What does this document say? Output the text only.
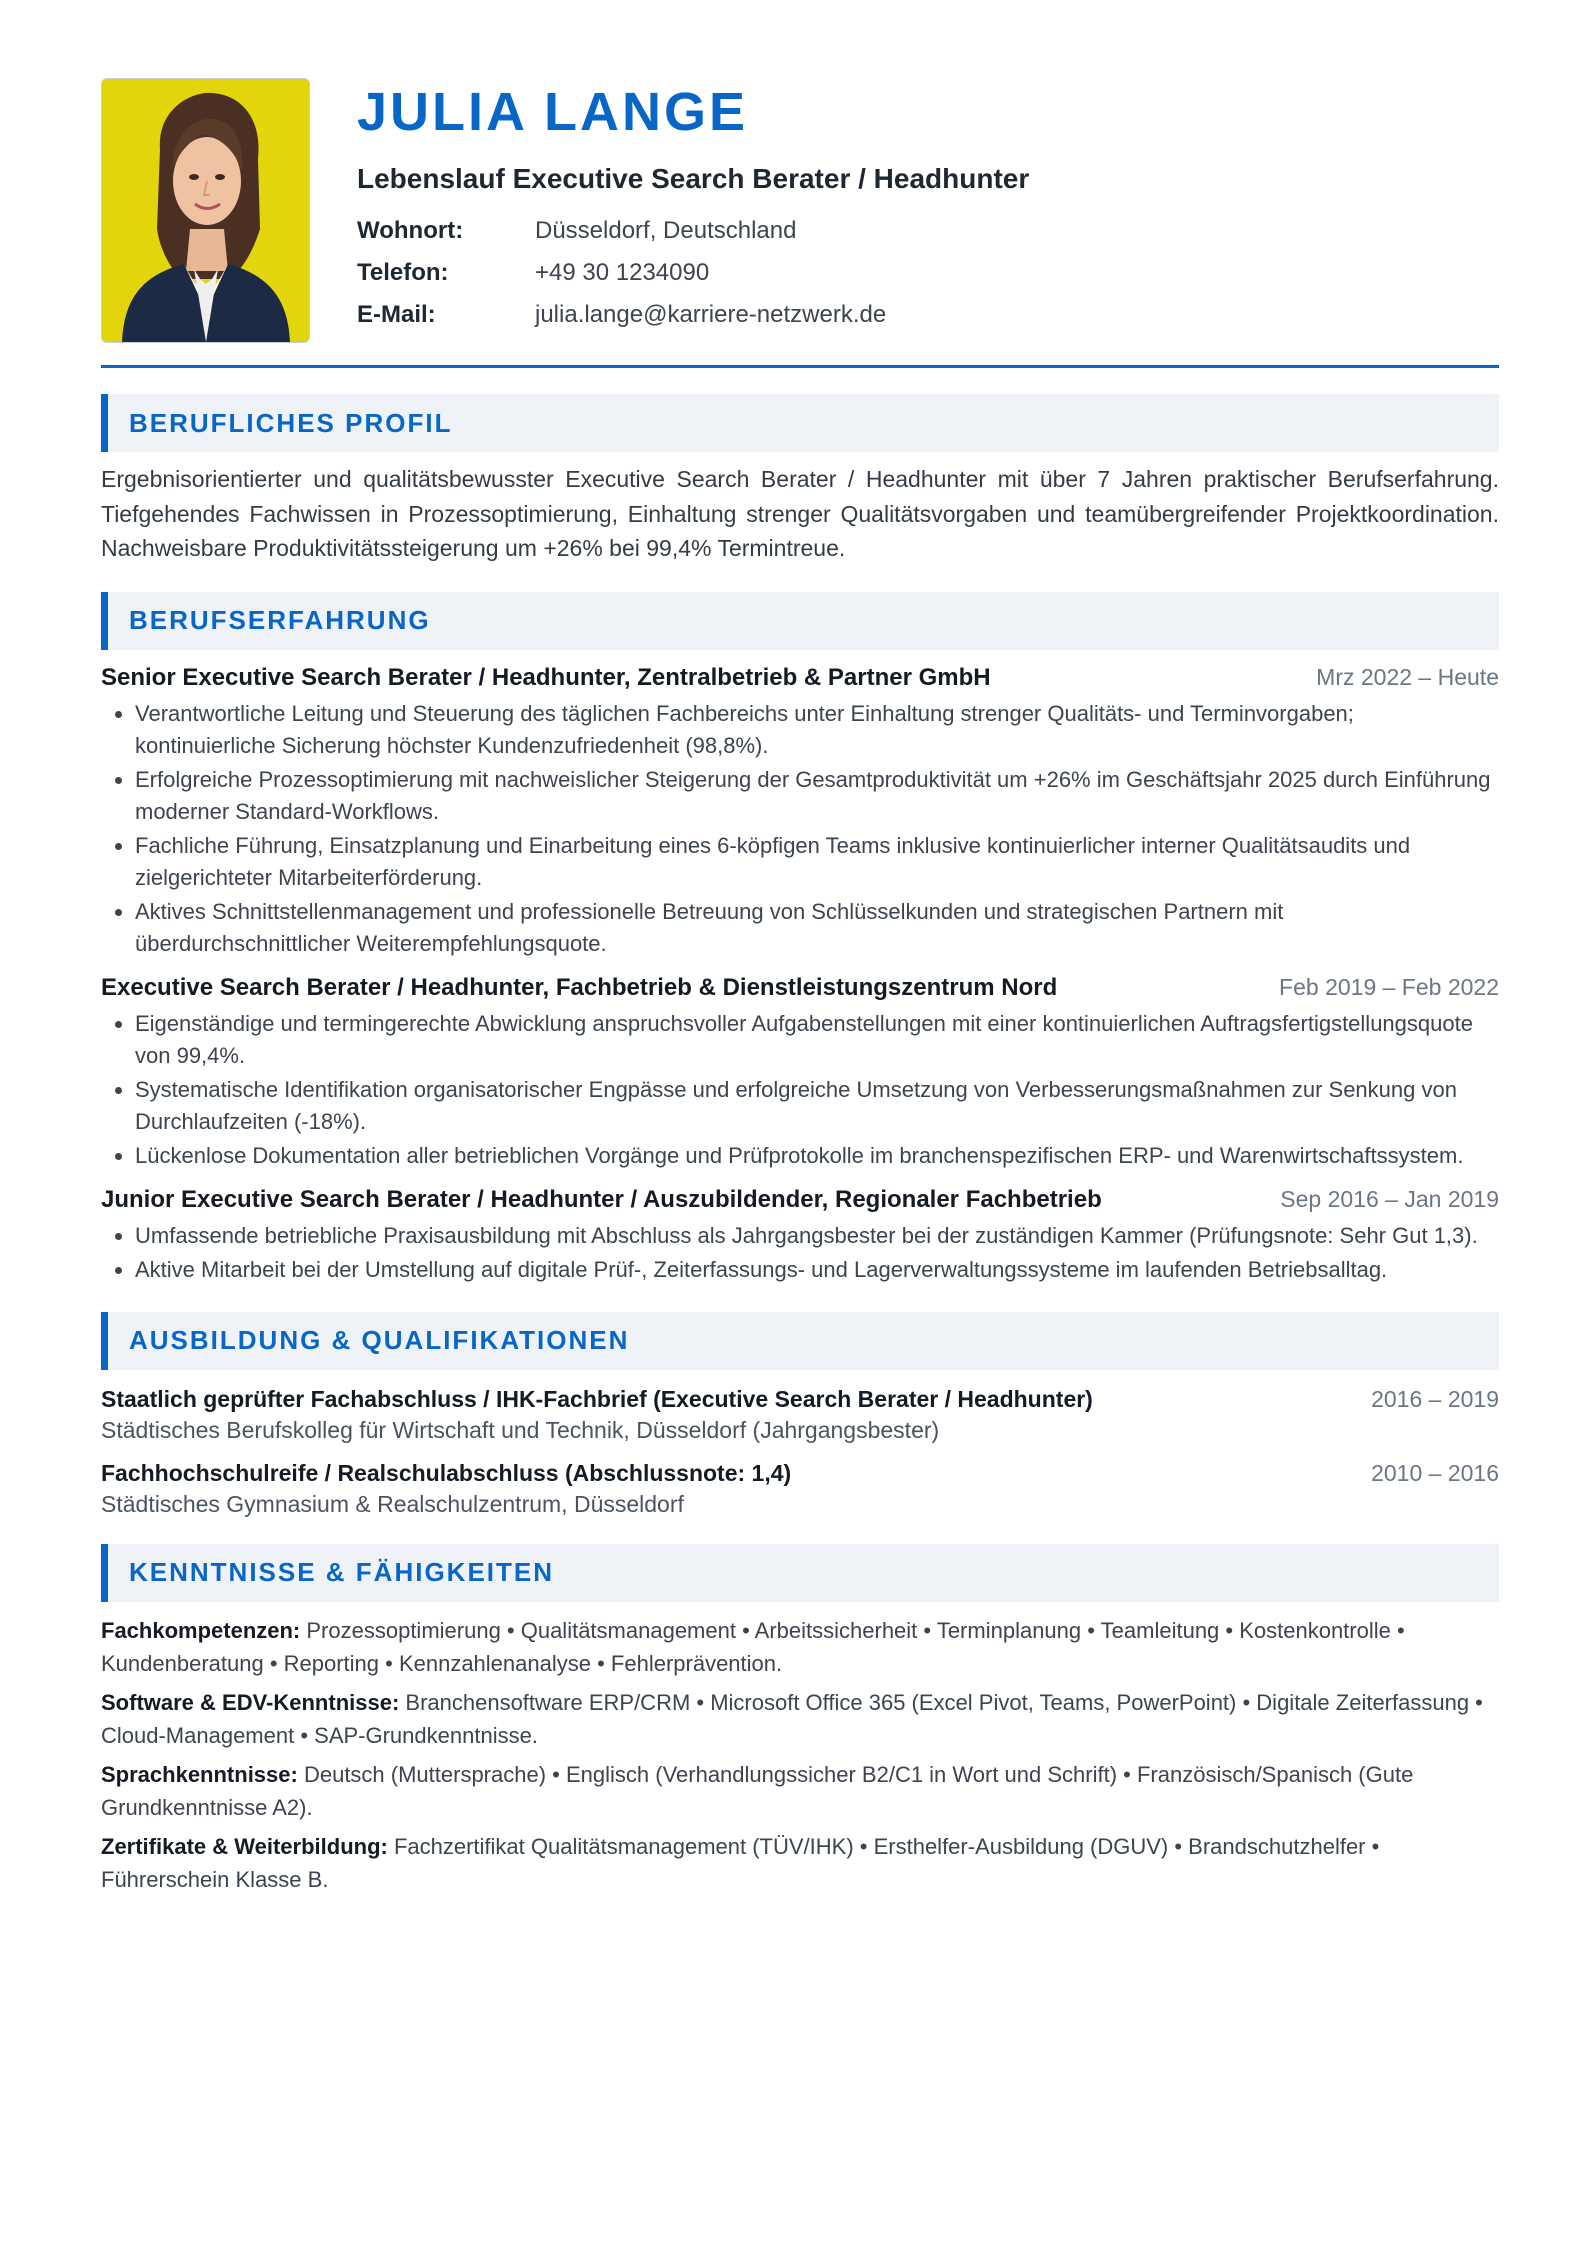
JULIA LANGE
Lebenslauf Executive Search Berater / Headhunter
Wohnort:	Düsseldorf, Deutschland
Telefon:	+49 30 1234090
E-Mail:	julia.lange@karriere-netzwerk.de
BERUFLICHES PROFIL
Ergebnisorientierter und qualitätsbewusster Executive Search Berater / Headhunter mit über 7 Jahren praktischer Berufserfahrung. Tiefgehendes Fachwissen in Prozessoptimierung, Einhaltung strenger Qualitätsvorgaben und teamübergreifender Projektkoordination. Nachweisbare Produktivitätssteigerung um +26% bei 99,4% Termintreue.
BERUFSERFAHRUNG
Senior Executive Search Berater / Headhunter, Zentralbetrieb & Partner GmbH	Mrz 2022 – Heute
• Verantwortliche Leitung und Steuerung des täglichen Fachbereichs unter Einhaltung strenger Qualitäts- und Terminvorgaben; kontinuierliche Sicherung höchster Kundenzufriedenheit (98,8%).
• Erfolgreiche Prozessoptimierung mit nachweislicher Steigerung der Gesamtproduktivität um +26% im Geschäftsjahr 2025 durch Einführung moderner Standard-Workflows.
• Fachliche Führung, Einsatzplanung und Einarbeitung eines 6-köpfigen Teams inklusive kontinuierlicher interner Qualitätsaudits und zielgerichteter Mitarbeiterförderung.
• Aktives Schnittstellenmanagement und professionelle Betreuung von Schlüsselkunden und strategischen Partnern mit überdurchschnittlicher Weiterempfehlungsquote.
Executive Search Berater / Headhunter, Fachbetrieb & Dienstleistungszentrum Nord	Feb 2019 – Feb 2022
• Eigenständige und termingerechte Abwicklung anspruchsvoller Aufgabenstellungen mit einer kontinuierlichen Auftragsfertigstellungsquote von 99,4%.
• Systematische Identifikation organisatorischer Engpässe und erfolgreiche Umsetzung von Verbesserungsmaßnahmen zur Senkung von Durchlaufzeiten (-18%).
• Lückenlose Dokumentation aller betrieblichen Vorgänge und Prüfprotokolle im branchenspezifischen ERP- und Warenwirtschaftssystem.
Junior Executive Search Berater / Headhunter / Auszubildender, Regionaler Fachbetrieb	Sep 2016 – Jan 2019
• Umfassende betriebliche Praxisausbildung mit Abschluss als Jahrgangsbester bei der zuständigen Kammer (Prüfungsnote: Sehr Gut 1,3).
• Aktive Mitarbeit bei der Umstellung auf digitale Prüf-, Zeiterfassungs- und Lagerverwaltungssysteme im laufenden Betriebsalltag.
AUSBILDUNG & QUALIFIKATIONEN
Staatlich geprüfter Fachabschluss / IHK-Fachbrief (Executive Search Berater / Headhunter)	2016 – 2019
Städtisches Berufskolleg für Wirtschaft und Technik, Düsseldorf (Jahrgangsbester)
Fachhochschulreife / Realschulabschluss (Abschlussnote: 1,4)	2010 – 2016
Städtisches Gymnasium & Realschulzentrum, Düsseldorf
KENNTNISSE & FÄHIGKEITEN
Fachkompetenzen: Prozessoptimierung • Qualitätsmanagement • Arbeitssicherheit • Terminplanung • Teamleitung • Kostenkontrolle • Kundenberatung • Reporting • Kennzahlenanalyse • Fehlerprävention.
Software & EDV-Kenntnisse: Branchensoftware ERP/CRM • Microsoft Office 365 (Excel Pivot, Teams, PowerPoint) • Digitale Zeiterfassung • Cloud-Management • SAP-Grundkenntnisse.
Sprachkenntnisse: Deutsch (Muttersprache) • Englisch (Verhandlungssicher B2/C1 in Wort und Schrift) • Französisch/Spanisch (Gute Grundkenntnisse A2).
Zertifikate & Weiterbildung: Fachzertifikat Qualitätsmanagement (TÜV/IHK) • Ersthelfer-Ausbildung (DGUV) • Brandschutzhelfer • Führerschein Klasse B.
